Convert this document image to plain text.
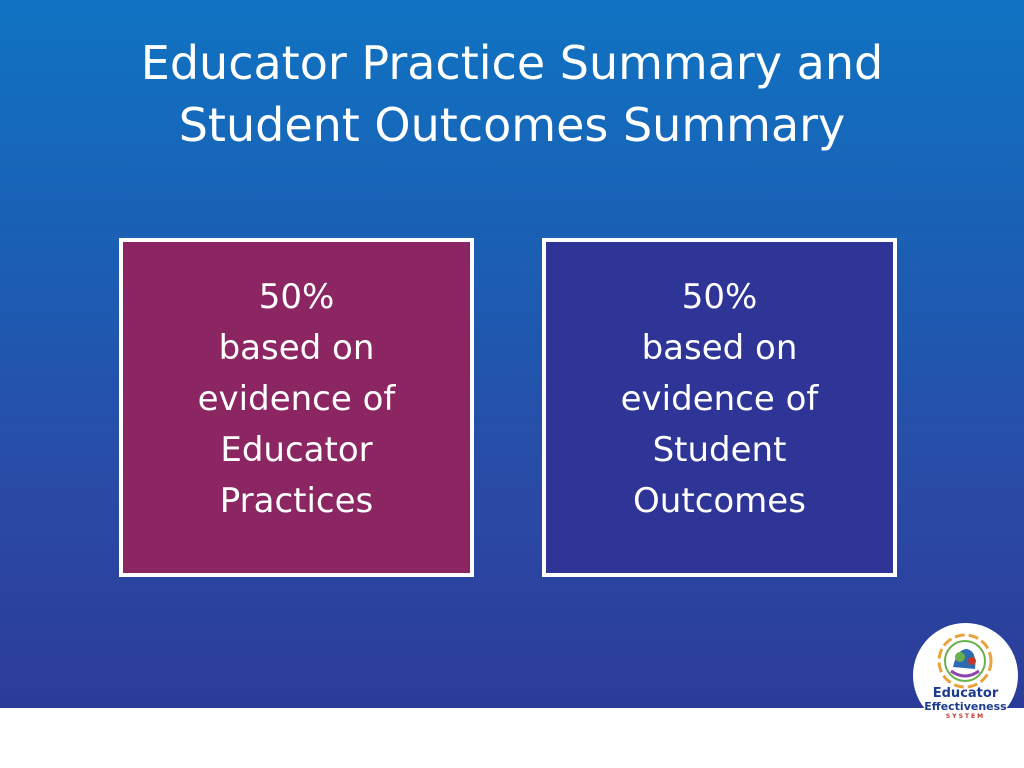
Educator Practice Summary and
Student Outcomes Summary
50%
based on
evidence of
Educator
Practices
50%
based on
evidence of
Student
Outcomes
Educator
Effectiveness
SYSTEM
